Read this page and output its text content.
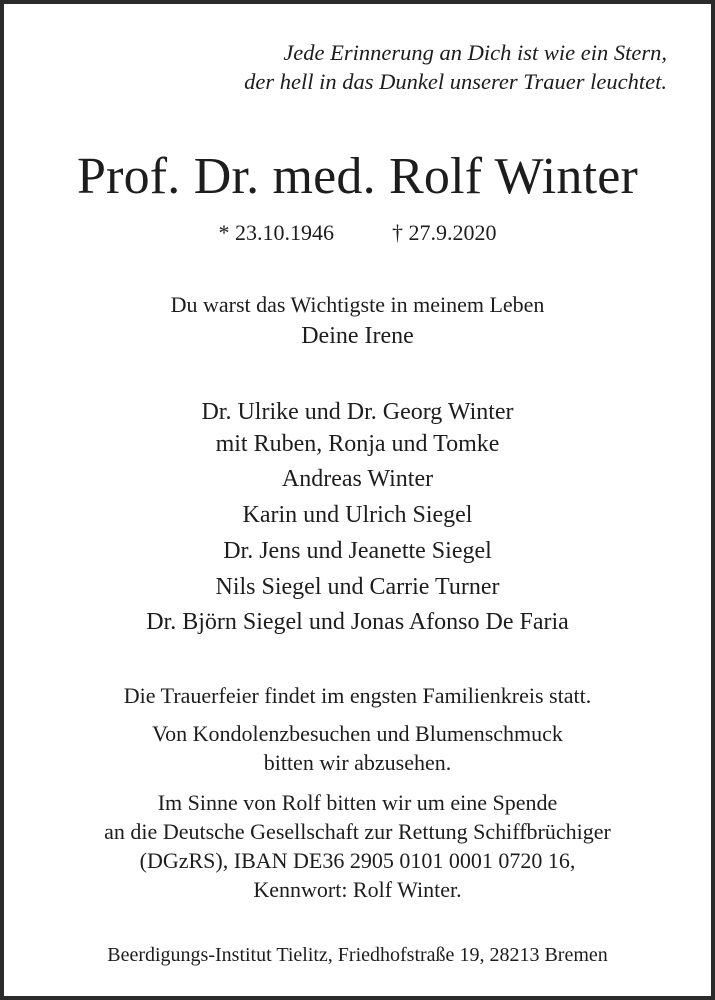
Jede Erinnerung an Dich ist wie ein Stern,
der hell in das Dunkel unserer Trauer leuchtet.
Prof. Dr. med. Rolf Winter
* 23.10.1946	† 27.9.2020
Du warst das Wichtigste in meinem Leben
Deine Irene
Dr. Ulrike und Dr. Georg Winter
mit Ruben, Ronja und Tomke
Andreas Winter
Karin und Ulrich Siegel
Dr. Jens und Jeanette Siegel
Nils Siegel und Carrie Turner
Dr. Björn Siegel und Jonas Afonso De Faria
Die Trauerfeier findet im engsten Familienkreis statt.
Von Kondolenzbesuchen und Blumenschmuck
bitten wir abzusehen.
Im Sinne von Rolf bitten wir um eine Spende
an die Deutsche Gesellschaft zur Rettung Schiffbrüchiger
(DGzRS), IBAN DE36 2905 0101 0001 0720 16,
Kennwort: Rolf Winter.
Beerdigungs-Institut Tielitz, Friedhofstraße 19, 28213 Bremen
